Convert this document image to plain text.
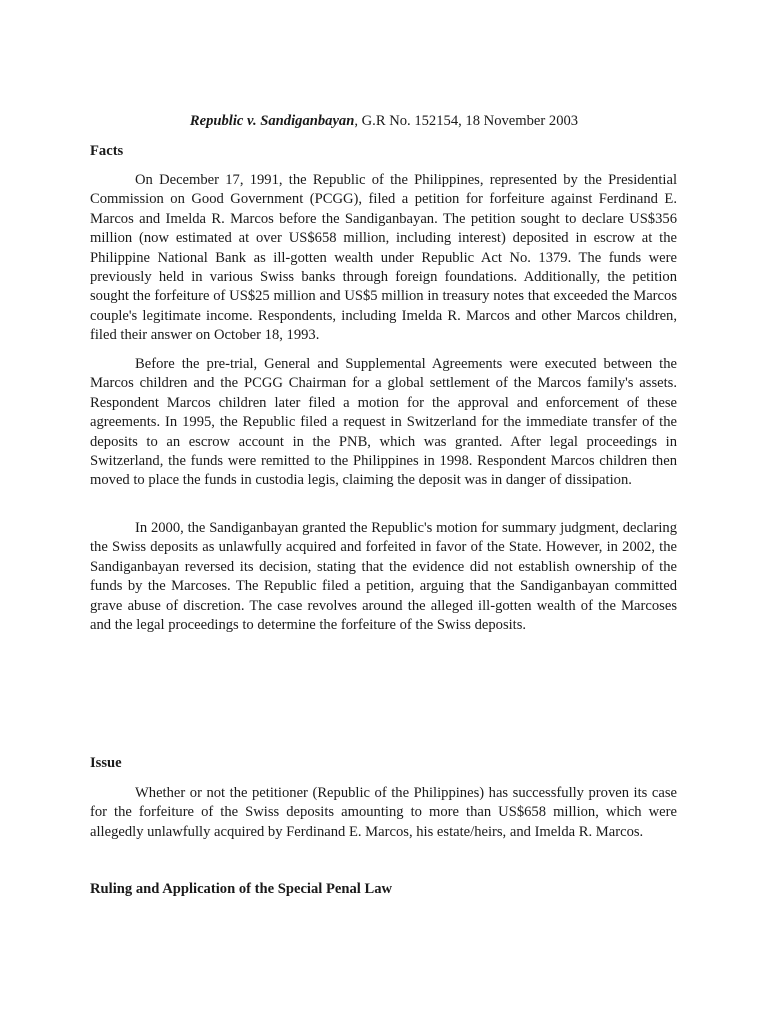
Republic v. Sandiganbayan, G.R No. 152154, 18 November 2003
Facts

On December 17, 1991, the Republic of the Philippines, represented by the Presidential Commission on Good Government (PCGG), filed a petition for forfeiture against Ferdinand E. Marcos and Imelda R. Marcos before the Sandiganbayan. The petition sought to declare US$356 million (now estimated at over US$658 million, including interest) deposited in escrow at the Philippine National Bank as ill-gotten wealth under Republic Act No. 1379. The funds were previously held in various Swiss banks through foreign foundations. Additionally, the petition sought the forfeiture of US$25 million and US$5 million in treasury notes that exceeded the Marcos couple's legitimate income. Respondents, including Imelda R. Marcos and other Marcos children, filed their answer on October 18, 1993.

Before the pre-trial, General and Supplemental Agreements were executed between the Marcos children and the PCGG Chairman for a global settlement of the Marcos family's assets. Respondent Marcos children later filed a motion for the approval and enforcement of these agreements. In 1995, the Republic filed a request in Switzerland for the immediate transfer of the deposits to an escrow account in the PNB, which was granted. After legal proceedings in Switzerland, the funds were remitted to the Philippines in 1998. Respondent Marcos children then moved to place the funds in custodia legis, claiming the deposit was in danger of dissipation.

In 2000, the Sandiganbayan granted the Republic's motion for summary judgment, declaring the Swiss deposits as unlawfully acquired and forfeited in favor of the State. However, in 2002, the Sandiganbayan reversed its decision, stating that the evidence did not establish ownership of the funds by the Marcoses. The Republic filed a petition, arguing that the Sandiganbayan committed grave abuse of discretion. The case revolves around the alleged ill-gotten wealth of the Marcoses and the legal proceedings to determine the forfeiture of the Swiss deposits.

Issue

Whether or not the petitioner (Republic of the Philippines) has successfully proven its case for the forfeiture of the Swiss deposits amounting to more than US$658 million, which were allegedly unlawfully acquired by Ferdinand E. Marcos, his estate/heirs, and Imelda R. Marcos.

Ruling and Application of the Special Penal Law
